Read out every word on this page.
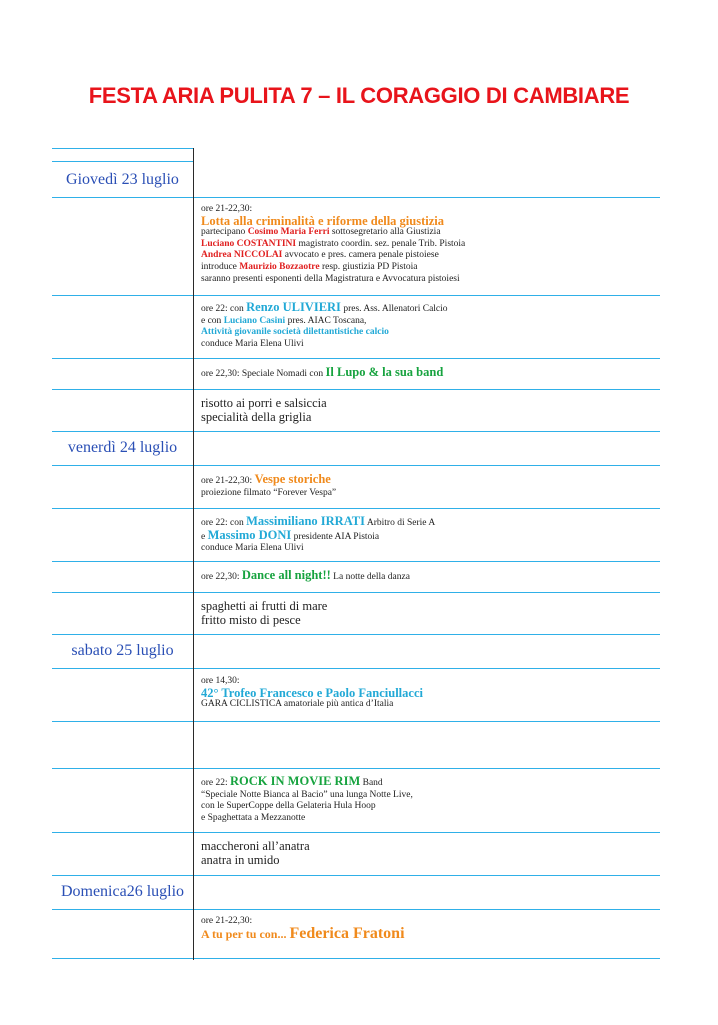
FESTA ARIA PULITA 7 – IL CORAGGIO DI CAMBIARE
Giovedì 23 luglio
venerdì 24 luglio
sabato 25 luglio
Domenica26 luglio
ore 21-22,30:
Lotta alla criminalità e riforme della giustizia
partecipano Cosimo Maria Ferri sottosegretario alla Giustizia
Luciano COSTANTINI magistrato coordin. sez. penale Trib. Pistoia
Andrea NICCOLAI avvocato e pres. camera penale pistoiese
introduce Maurizio Bozzaotre resp. giustizia PD Pistoia
saranno presenti esponenti della Magistratura e Avvocatura pistoiesi
ore 22: con Renzo ULIVIERI pres. Ass. Allenatori Calcio
e con Luciano Casini pres. AIAC Toscana,
Attività giovanile società dilettantistiche calcio
conduce Maria Elena Ulivi
ore 22,30: Speciale Nomadi con Il Lupo & la sua band
risotto ai porri e salsiccia
specialità della griglia
ore 21-22,30: Vespe storiche
proiezione filmato “Forever Vespa”
ore 22: con Massimiliano IRRATI Arbitro di Serie A
e Massimo DONI presidente AIA Pistoia
conduce Maria Elena Ulivi
ore 22,30: Dance all night!! La notte della danza
spaghetti ai frutti di mare
fritto misto di pesce
ore 14,30:
42° Trofeo Francesco e Paolo Fanciullacci
GARA CICLISTICA amatoriale più antica d’Italia
ore 22: ROCK IN MOVIE RIM Band
“Speciale Notte Bianca al Bacio” una lunga Notte Live,
con le SuperCoppe della Gelateria Hula Hoop
e Spaghettata a Mezzanotte
maccheroni all’anatra
anatra in umido
ore 21-22,30:
A tu per tu con... Federica Fratoni
